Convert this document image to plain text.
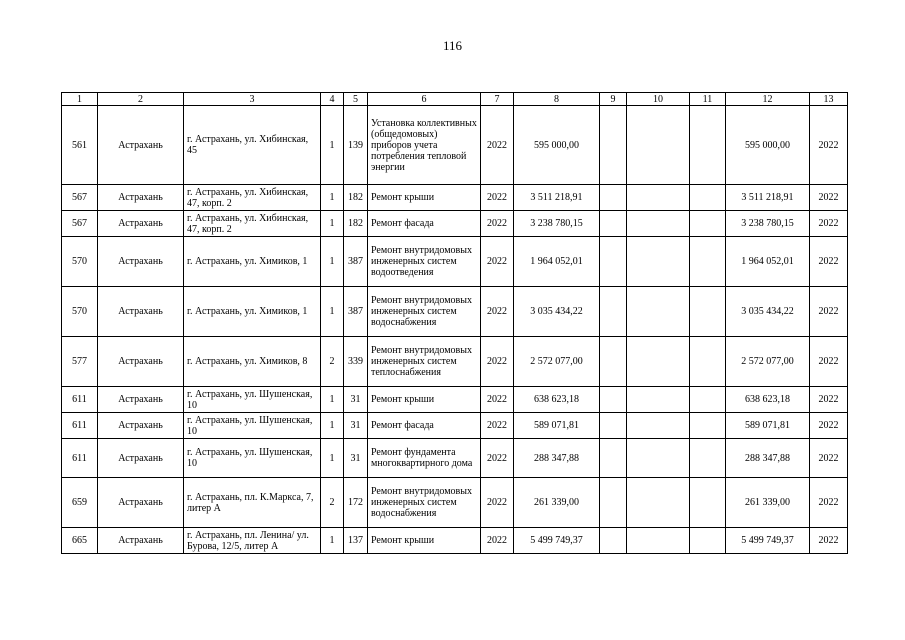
116
1	2	3	4	5	6	7	8	9	10	11	12	13
561	Астрахань	г. Астрахань, ул. Хибинская, 45	1	139	Установка коллективных (общедомовых) приборов учета потребления тепловой энергии	2022	595 000,00				595 000,00	2022
567	Астрахань	г. Астрахань, ул. Хибинская, 47, корп. 2	1	182	Ремонт крыши	2022	3 511 218,91				3 511 218,91	2022
567	Астрахань	г. Астрахань, ул. Хибинская, 47, корп. 2	1	182	Ремонт фасада	2022	3 238 780,15				3 238 780,15	2022
570	Астрахань	г. Астрахань, ул. Химиков, 1	1	387	Ремонт внутридомовых инженерных систем водоотведения	2022	1 964 052,01				1 964 052,01	2022
570	Астрахань	г. Астрахань, ул. Химиков, 1	1	387	Ремонт внутридомовых инженерных систем водоснабжения	2022	3 035 434,22				3 035 434,22	2022
577	Астрахань	г. Астрахань, ул. Химиков, 8	2	339	Ремонт внутридомовых инженерных систем теплоснабжения	2022	2 572 077,00				2 572 077,00	2022
611	Астрахань	г. Астрахань, ул. Шушенская, 10	1	31	Ремонт крыши	2022	638 623,18				638 623,18	2022
611	Астрахань	г. Астрахань, ул. Шушенская, 10	1	31	Ремонт фасада	2022	589 071,81				589 071,81	2022
611	Астрахань	г. Астрахань, ул. Шушенская, 10	1	31	Ремонт фундамента многоквартирного дома	2022	288 347,88				288 347,88	2022
659	Астрахань	г. Астрахань, пл. К.Маркса, 7, литер А	2	172	Ремонт внутридомовых инженерных систем водоснабжения	2022	261 339,00				261 339,00	2022
665	Астрахань	г. Астрахань, пл. Ленина/ ул. Бурова, 12/5, литер А	1	137	Ремонт крыши	2022	5 499 749,37				5 499 749,37	2022
